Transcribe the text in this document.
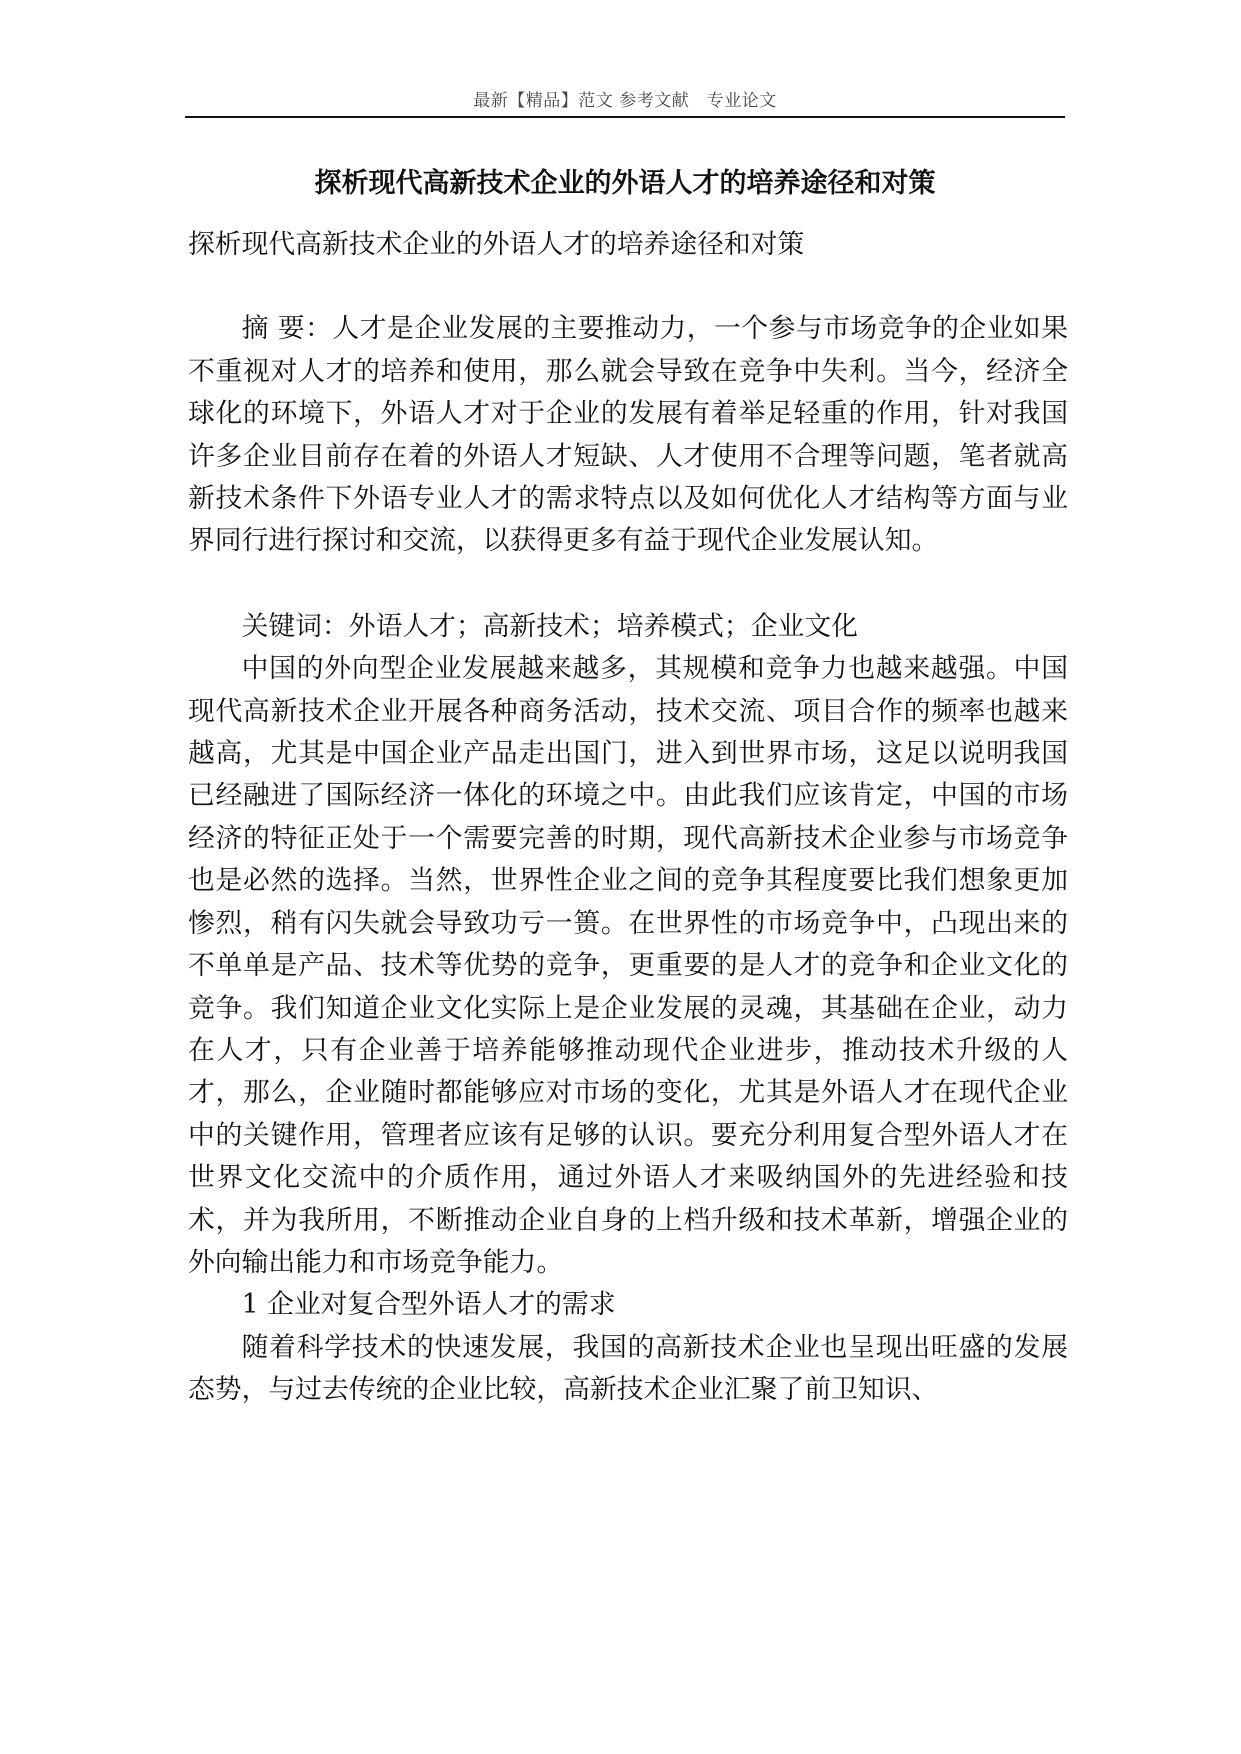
最新【精品】范文 参考文献　专业论文
探析现代高新技术企业的外语人才的培养途径和对策

探析现代高新技术企业的外语人才的培养途径和对策

摘 要：人才是企业发展的主要推动力，一个参与市场竞争的企业如果不重视对人才的培养和使用，那么就会导致在竞争中失利。当今，经济全球化的环境下，外语人才对于企业的发展有着举足轻重的作用，针对我国许多企业目前存在着的外语人才短缺、人才使用不合理等问题，笔者就高新技术条件下外语专业人才的需求特点以及如何优化人才结构等方面与业界同行进行探讨和交流，以获得更多有益于现代企业发展认知。

关键词：外语人才；高新技术；培养模式；企业文化

中国的外向型企业发展越来越多，其规模和竞争力也越来越强。中国现代高新技术企业开展各种商务活动，技术交流、项目合作的频率也越来越高，尤其是中国企业产品走出国门，进入到世界市场，这足以说明我国已经融进了国际经济一体化的环境之中。由此我们应该肯定，中国的市场经济的特征正处于一个需要完善的时期，现代高新技术企业参与市场竞争也是必然的选择。当然，世界性企业之间的竞争其程度要比我们想象更加惨烈，稍有闪失就会导致功亏一篑。在世界性的市场竞争中，凸现出来的不单单是产品、技术等优势的竞争，更重要的是人才的竞争和企业文化的竞争。我们知道企业文化实际上是企业发展的灵魂，其基础在企业，动力在人才，只有企业善于培养能够推动现代企业进步，推动技术升级的人才，那么，企业随时都能够应对市场的变化，尤其是外语人才在现代企业中的关键作用，管理者应该有足够的认识。要充分利用复合型外语人才在世界文化交流中的介质作用，通过外语人才来吸纳国外的先进经验和技术，并为我所用，不断推动企业自身的上档升级和技术革新，增强企业的外向输出能力和市场竞争能力。

1 企业对复合型外语人才的需求

随着科学技术的快速发展，我国的高新技术企业也呈现出旺盛的发展态势，与过去传统的企业比较，高新技术企业汇聚了前卫知识、
